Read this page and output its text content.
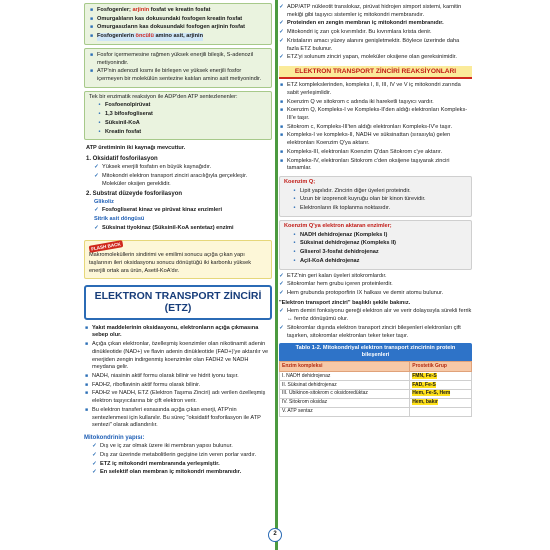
■ Fosfogenler; arjinin fosfat ve kreatin fosfat
■ Omurgalıların kas dokusundaki fosfogen kreatin fosfat
■ Omurgasızların kas dokusundaki fosfogen arjinin fosfat
■ Fosfogenlerin öncülü amino asit, arjinin
■ Fosfor içermemesine rağmen yüksek enerjili bileşik, S-adenozil metiyonindir.
■ ATP'nin adenozil kısmı ile birleşen ve yüksek enerjili fosfor içermeyen bir molekülün sentezine katılan amino asit metiyonindir.
Tek bir enzimatik reaksiyon ile ADP'den ATP sentezlenenler:
• Fosfoenolpirüvat
• 1,3 bifosfogliserat
• Süksinil-KoA
• Kreatin fosfat
ATP üretiminin iki kaynağı mevcuttur.
1. Oksidatif fosforilasyon
✓ Yüksek enerjili fosfatın en büyük kaynağıdır.
✓ Mitokondri elektron transport zinciri aracılığıyla gerçekleşir. Moleküler oksijen gereklidir.
2. Substrat düzeyde fosforilasyon
Glikoliz
✓ Fosfogliserat kinaz ve pirüvat kinaz enzimleri
Sitrik asit döngüsü
✓ Süksinat tiyokinaz (Süksinil-KoA sentetaz) enzimi
FLASH BACK
Makromoleküllerin sindirimi ve emilimi sonucu açığa çıkan yapı taşlarının ileri oksidasyonu sonucu dönüştüğü iki karbonlu yüksek enerjili ortak ara ürün, Asetil-KoA'dır.
ELEKTRON TRANSPORT ZİNCİRİ (ETZ)
■ Yakıt maddelerinin oksidasyonu, elektronların açığa çıkmasına sebep olur.
■ Açığa çıkan elektronlar, özelleşmiş koenzimler olan nikotinamit adenin dinükleotide (NAD+) ve flavin adenin dinükleotide (FAD+)'ye aktarılır ve enerjiden zengin indirgenmiş koenzimler olan FADH2 ve NADH meydana gelir.
■ NADH, niasinin aktif formu olarak bilinir ve hidrit iyonu taşır.
■ FADH2, riboflavinin aktif formu olarak bilinir.
■ FADH2 ve NADH, ETZ (Elektron Taşıma Zinciri) adı verilen özelleşmiş elektron taşıyıcılarına bir çift elektron verir.
■ Bu elektron transferi esnasında açığa çıkan enerji, ATP'nin sentezlenmesi için kullanılır. Bu süreç "oksidatif fosforilasyon ile ATP sentezi" olarak adlandırılır.
Mitokondrinin yapısı:
✓ Dış ve iç zar olmak üzere iki membran yapısı bulunur.
✓ Dış zar üzerinde metabolitlerin geçişine izin veren porlar vardır.
✓ ETZ iç mitokondri membranında yerleşmiştir.
✓ En selektif olan membran iç mitokondri membranıdır.
✓ ADP/ATP nükleotit translokaz, pirüvat hidrojen simport sistemi, karnitin mekiği gibi taşıyıcı sistemler iç mitokondri membranıdır.
✓ Proteinden en zengin membran iç mitokondri membranıdır.
✓ Mitokondri iç zarı çok kıvrımlıdır. Bu kıvrımlara krista denir.
✓ Kristaların amacı yüzey alanını genişletmektir. Böylece üzerinde daha fazla ETZ bulunur.
✓ ETZ'yi solunum zinciri yapan, moleküler oksijene olan gereksinimidir.
ELEKTRON TRANSPORT ZİNCİRİ REAKSİYONLARI
■ ETZ komplekslerinden, kompleks I, II, III, IV ve V iç mitokondri zarında sabit yerleşimlidir.
■ Koenzim Q ve sitokrom c adında iki hareketli taşıyıcı vardır.
■ Koenzim Q, Kompleks-I ve Kompleks-II'den aldığı elektronları Kompleks-III'e taşır.
■ Sitokrom c, Kompleks-III'ten aldığı elektronları Kompleks-IV'e taşır.
■ Kompleks-I ve kompleks-II, NADH ve süksinattan (sırasıyla) gelen elektronları Koenzim Q'ya aktarır.
■ Kompleks-III, elektronları Koenzim Q'dan Sitokrom c'ye aktarır.
■ Kompleks-IV, elektronları Sitokrom c'den oksijene taşıyarak zinciri tamamlar.
Koenzim Q;
• Lipit yapılıdır. Zincirin diğer üyeleri proteindir.
• Uzun bir izoprenoit kuyruğu olan bir kinon türevidir.
• Elektronların ilk toplanma noktasıdır.
Koenzim Q'ya elektron aktaran enzimler;
• NADH dehidrojenaz (Kompleks I)
• Süksinat dehidrojenaz (Kompleks II)
• Gliserol 3-fosfat dehidrojenaz
• Açil-KoA dehidrojenaz
✓ ETZ'nin geri kalan üyeleri sitokromlardır.
✓ Sitokromlar hem grubu içeren proteinlerdir.
✓ Hem grubunda protoporfirin IX halkası ve demir atomu bulunur.
"Elektron transport zinciri" başlıklı şekile bakınız.
✓ Hem demiri fonksiyonu gereği elektron alır ve verir dolayısıyla sürekli ferrik ↔ ferröz dönüşümü olur.
✓ Sitokromlar dışında elektron transport zinciri bileşenleri elektronları çift taşırken, sitokromlar elektronları teker teker taşır.
Tablo 1-2. Mitokondriyal elektron transport zincirinin protein bileşenleri
Enzim kompleksi	Prostetik Grup
I. NADH dehidrojenaz	FMN, Fe-S
II. Süksinat dehidrojenaz	FAD, Fe-S
III. Ubikinon-sitokrom c oksidoredüktaz	Hem, Fe-S, Hem
IV. Sitokrom oksidaz	Hem, bakır
V. ATP sentaz	
2
